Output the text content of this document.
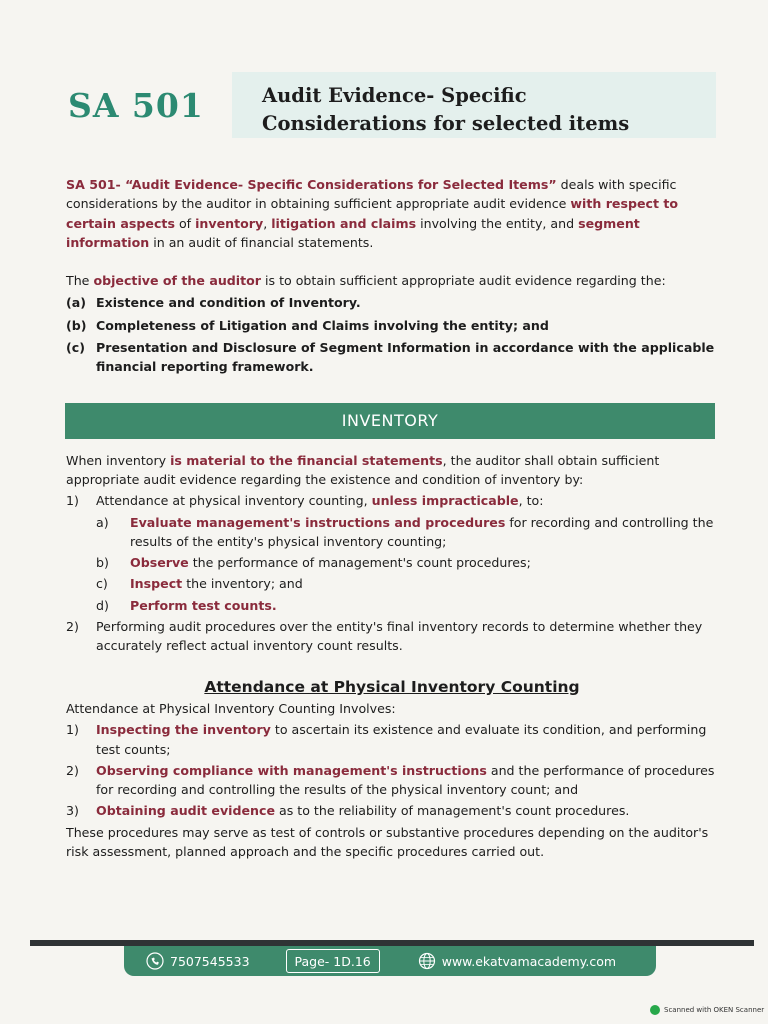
SA 501	Audit Evidence- Specific
Considerations for selected items

SA 501- “Audit Evidence- Specific Considerations for Selected Items” deals with specific considerations by the auditor in obtaining sufficient appropriate audit evidence with respect to certain aspects of inventory, litigation and claims involving the entity, and segment information in an audit of financial statements.

The objective of the auditor is to obtain sufficient appropriate audit evidence regarding the:

(a) Existence and condition of Inventory.
(b) Completeness of Litigation and Claims involving the entity; and
(c) Presentation and Disclosure of Segment Information in accordance with the applicable financial reporting framework.
INVENTORY

When inventory is material to the financial statements, the auditor shall obtain sufficient appropriate audit evidence regarding the existence and condition of inventory by:

1)	Attendance at physical inventory counting, unless impracticable, to:
a)	Evaluate management's instructions and procedures for recording and controlling the results of the entity's physical inventory counting;
b)	Observe the performance of management's count procedures;
c)	Inspect the inventory; and
d)	Perform test counts.
2)	Performing audit procedures over the entity's final inventory records to determine whether they accurately reflect actual inventory count results.
Attendance at Physical Inventory Counting

Attendance at Physical Inventory Counting Involves:

1)	Inspecting the inventory to ascertain its existence and evaluate its condition, and performing test counts;
2)	Observing compliance with management's instructions and the performance of procedures for recording and controlling the results of the physical inventory count; and
3)	Obtaining audit evidence as to the reliability of management's count procedures.

These procedures may serve as test of controls or substantive procedures depending on the auditor's risk assessment, planned approach and the specific procedures carried out.

7507545533	Page- 1D.16	www.ekatvamacademy.com
Scanned with OKEN Scanner
